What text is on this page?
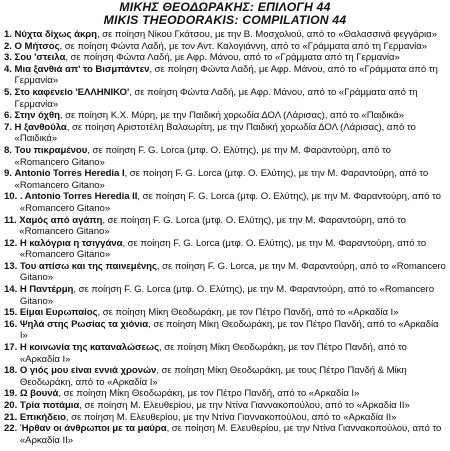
ΜΙΚΗΣ ΘΕΟΔΩΡΑΚΗΣ: ΕΠΙΛΟΓΗ 44

MIKIS THEODORAKIS: COMPILATION 44

1. Νύχτα δίχως άκρη, σε ποίηση Νίκου Γκάτσου, με την Β. Μοσχολιού, από το «Θαλασσινά φεγγάρια»
2. Ο Μήτσος, σε ποίηση Φώντα Λαδή, με τον Αντ. Καλογιάννη, από το «Γράμματα από τη Γερμανία»
3. Σου 'στειλα, σε ποίηση Φώντα Λαδή, με Αφρ. Μάνου, από το «Γράμματα από τη Γερμανία»
4. Μια ξανθιά απ' το Βισμπάντεν, σε ποίηση Φώντα Λαδή, με Αφρ. Μάνου, από το «Γράμματα από τη Γερμανία»
5. Στο καφενείο 'ΕΛΛΗΝΙΚΟ', σε ποίηση Φώντα Λαδή, με Αφρ. Μάνου, από το «Γράμματα από τη Γερμανία»
6. Στην όχθη, σε ποίηση Κ.Χ. Μύρη, με την Παιδική χορωδία ΔΟΛ (Λάρισας), από το «Παιδικά»
7. Η ξανθούλα, σε ποίηση Αριστοτέλη Βαλαωρίτη, με την Παιδική χορωδία ΔΟΛ (Λάρισας), από το «Παιδικά»
8. Του πικραμένου, σε ποίηση F. G. Lorca (μτφ. Ο. Ελύτης), με την Μ. Φαραντούρη, από το «Romancero Gitano»
9. Antonio Torres Heredia I, σε ποίηση F. G. Lorca (μτφ. Ο. Ελύτης), με την Μ. Φαραντούρη, από το «Romancero Gitano»
10. . Antonio Torres Heredia II, σε ποίηση F. G. Lorca (μτφ. Ο. Ελύτης), με την Μ. Φαραντούρη, από το «Romancero Gitano»
11. Χαμός από αγάπη, σε ποίηση F. G. Lorca (μτφ. Ο. Ελύτης), με την Μ. Φαραντούρη, από το «Romancero Gitano»
12. Η καλόγρια η τσιγγάνα, σε ποίηση F. G. Lorca (μτφ. Ο. Ελύτης), με την Μ. Φαραντούρη, από το «Romancero Gitano»
13. Του απίσω και της παινεμένης, σε ποίηση F. G. Lorca, με την Μ. Φαραντούρη, από το «Romancero Gitano»
14. Η Παντέρμη, σε ποίηση F. G. Lorca (μτφ. Ο. Ελύτης), με την Μ. Φαραντούρη, από το «Romancero Gitano»
15. Είμαι Ευρωπαίος, σε ποίηση Μίκη Θεοδωράκη, με τον Πέτρο Πανδή, από το «Αρκαδία Ι»
16. Ψηλά στης Ρωσίας τα χιόνια, σε ποίηση Μίκη Θεοδωράκη, με τον Πέτρο Πανδή, από το «Αρκαδία Ι»
17. Η κοινωνία της καταναλώσεως, σε ποίηση Μίκη Θεοδωράκη, με τον Πέτρο Πανδή, από το «Αρκαδία Ι»
18. Ο γιός μου είναι εννιά χρονών, σε ποίηση Μίκη Θεοδωράκη, με τους Πέτρο Πανδή & Μίκη Θεοδωράκη, από το «Αρκαδία Ι»
19. Ω βουνά, σε ποίηση Μίκη Θεοδωράκη, με τον Πέτρο Πανδή, από το «Αρκαδία Ι»
20. Τρία ποτάμια, σε ποίηση Μ. Ελευθερίου, με την Ντίνα Γιαννακοπούλου, από το «Αρκαδία ΙΙ»
21. Επικήδειο, σε ποίηση Μ. Ελευθερίου, με την Ντίνα Γιαννακοπούλου, από το «Αρκαδία ΙΙ»
22. Ήρθαν οι άνθρωποι με τα μαύρα, σε ποίηση Μ. Ελευθερίου, με την Ντίνα Γιαννακοπούλου, από το «Αρκαδία ΙΙ»
